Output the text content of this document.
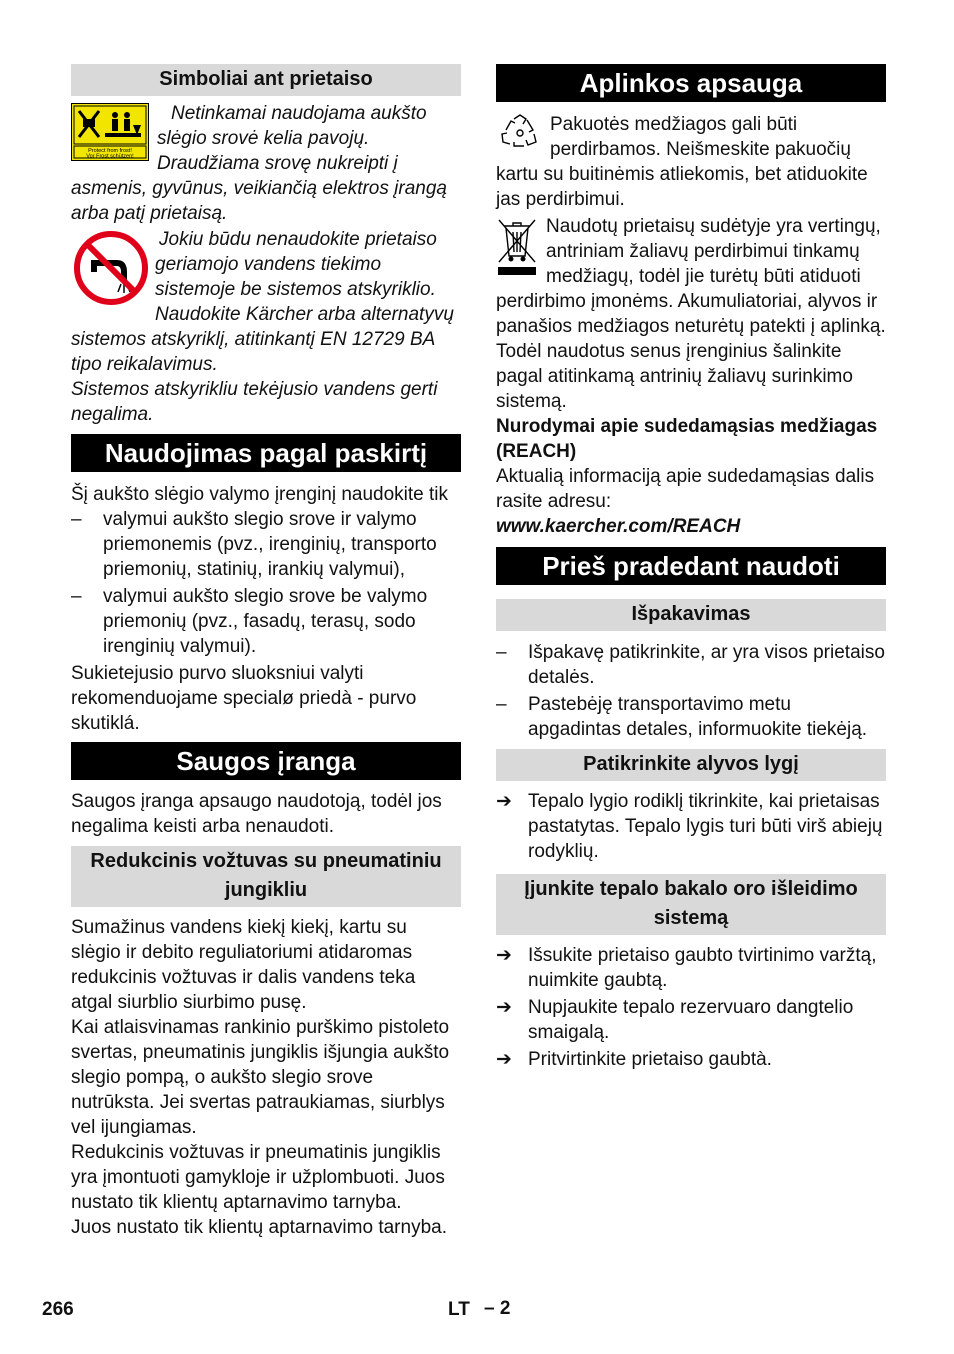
Simboliai ant prietaiso
Protect from frost!
Vor Frost schützen!

Netinkamai naudojama aukšto slėgio srovė kelia pavojų. Draudžiama srovę nukreipti į asmenis, gyvūnus, veikiančią elektros įrangą arba patį prietaisą.

Jokiu būdu nenaudokite prietaiso geriamojo vandens tiekimo sistemoje be sistemos atskyriklio. Naudokite Kärcher arba alternatyvų sistemos atskyriklį, atitinkantį EN 12729 BA tipo reikalavimus.

Sistemos atskyrikliu tekėjusio vandens gerti negalima.

Naudojimas pagal paskirtį

Šį aukšto slėgio valymo įrenginį naudokite tik

– valymui aukšto slegio srove ir valymo priemonemis (pvz., irenginių, transporto priemonių, statinių, irankių valymui),
– valymui aukšto slegio srove be valymo priemonių (pvz., fasadų, terasų, sodo irenginių valymui).

Sukietejusio purvo sluoksniui valyti rekomenduojame specialø priedà - purvo skutiklá.

Saugos įranga

Saugos įranga apsaugo naudotoją, todėl jos negalima keisti arba nenaudoti.

Redukcinis vožtuvas su pneumatiniu jungikliu

Sumažinus vandens kiekį kiekį, kartu su slėgio ir debito reguliatoriumi atidaromas redukcinis vožtuvas ir dalis vandens teka atgal siurblio siurbimo pusę.

Kai atlaisvinamas rankinio purškimo pistoleto svertas, pneumatinis jungiklis išjungia aukšto slegio pompą, o aukšto slegio srove nutrūksta. Jei svertas patraukiamas, siurblys vel ijungiamas.

Redukcinis vožtuvas ir pneumatinis jungiklis yra įmontuoti gamykloje ir užplombuoti. Juos nustato tik klientų aptarnavimo tarnyba.

Juos nustato tik klientų aptarnavimo tarnyba.

Aplinkos apsauga

Pakuotės medžiagos gali būti perdirbamos. Neišmeskite pakuočių kartu su buitinėmis atliekomis, bet atiduokite jas perdirbimui.

Naudotų prietaisų sudėtyje yra vertingų, antriniam žaliavų perdirbimui tinkamų medžiagų, todėl jie turėtų būti atiduoti perdirbimo įmonėms. Akumuliatoriai, alyvos ir panašios medžiagos neturėtų patekti į aplinką. Todėl naudotus senus įrenginius šalinkite pagal atitinkamą antrinių žaliavų surinkimo sistemą.

Nurodymai apie sudedamąsias medžiagas (REACH)

Aktualią informaciją apie sudedamąsias dalis rasite adresu:

www.kaercher.com/REACH

Prieš pradedant naudoti
Išpakavimas
– Išpakavę patikrinkite, ar yra visos prietaiso detalės.
– Pastebėję transportavimo metu apgadintas detales, informuokite tiekėją.
Patikrinkite alyvos lygį
➔ Tepalo lygio rodiklį tikrinkite, kai prietaisas pastatytas. Tepalo lygis turi būti virš abiejų rodyklių.
Įjunkite tepalo bakalo oro išleidimo sistemą
➔ Išsukite prietaiso gaubto tvirtinimo varžtą, nuimkite gaubtą.
➔ Nupjaukite tepalo rezervuaro dangtelio smaigalą.
➔ Pritvirtinkite prietaiso gaubtà.
266	LT – 2
